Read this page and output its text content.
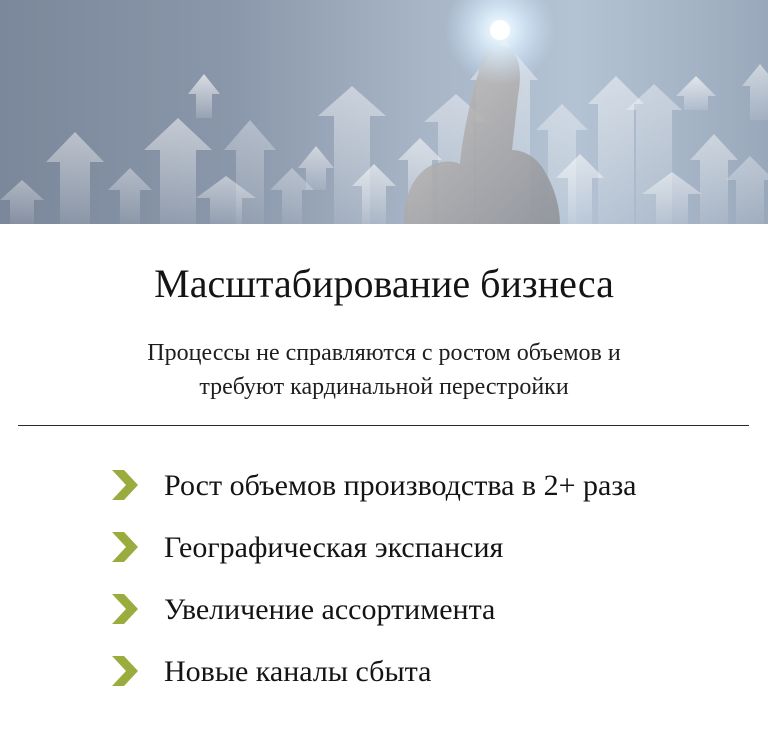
Масштабирование бизнеса
Процессы не справляются с ростом объемов и
требуют кардинальной перестройки
Рост объемов производства в 2+ раза
Географическая экспансия
Увеличение ассортимента
Новые каналы сбыта
